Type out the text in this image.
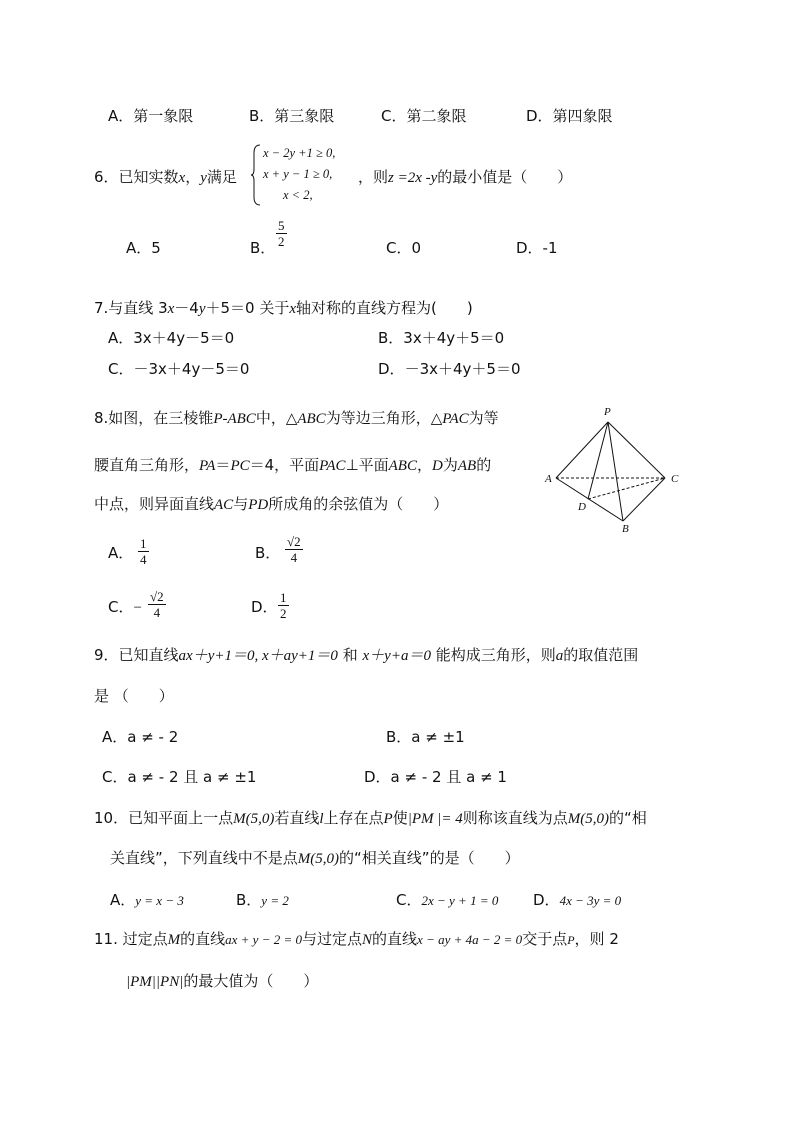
A．第一象限	B．第三象限	C．第二象限	D．第四象限
6．已知实数x，y满足
x − 2y +1 ≥ 0,
x + y − 1 ≥ 0,
x < 2,
，则z =2x -y的最小值是（　　）
A．5	B． $\frac{5}{2}$	C．0	D．-1
7.与直线 3x－4y＋5＝0 关于x轴对称的直线方程为(　　)
A．3x＋4y－5＝0	B．3x＋4y＋5＝0
C．－3x＋4y－5＝0	D．－3x＋4y＋5＝0
8.如图，在三棱锥P-ABC中，△ABC为等边三角形，△PAC为等
腰直角三角形，PA＝PC＝4，平面PAC⊥平面ABC，D为AB的
中点，则异面直线AC与PD所成角的余弦值为（　　）
P
A	C
D
B
A． $\frac{1}{4}$	B． $\frac{√2}{4}$
C．− $\frac{√2}{4}$	D． $\frac{1}{2}$
9．已知直线ax＋y+1＝0, x＋ay+1＝0 和 x＋y+a＝0 能构成三角形，则a的取值范围
是 （　　）
A．a ≠ - 2	B．a ≠ ±1
C．a ≠ - 2 且 a ≠ ±1	D．a ≠ - 2 且 a ≠ 1
10．已知平面上一点M(5,0)若直线l上存在点P使|PM |= 4则称该直线为点M(5,0)的“相
关直线”，下列直线中不是点M(5,0)的“相关直线”的是（　　）
A．y = x − 3	B．y = 2	C．2x − y + 1 = 0 D．4x − 3y = 0
11. 过定点M的直线ax + y − 2 = 0与过定点N的直线x − ay + 4a − 2 = 0交于点P，则 2
|PM||PN|的最大值为（　　）
